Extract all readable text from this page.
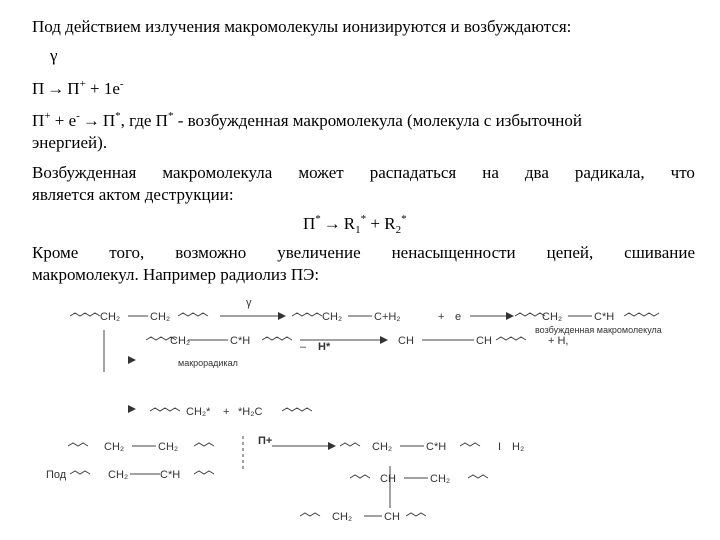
Под действием излучения макромолекулы ионизируются и возбуждаются:
γ
П → П+ + 1e-
П+ + e- → П*, где П* - возбужденная макромолекула (молекула с избыточной
энергией).
Возбужденная макромолекула может распадаться на два радикала, что
является актом деструкции:
$П^* \to R_1^* + R_2^*$
Кроме того, возможно увеличение ненасыщенности цепей, сшивание
макромолекул. Например радиолиз ПЭ:
CH₂	CH₂
γ
CH₂	C+H₂	+ e	CH₂	C*H
возбужденная макромолекула
CH₂	C*H	– H*	CH	CH	+ H,
макрорадикал
CH₂* + *H₂C
CH₂	CH₂	П+	CH₂	C*H	I H₂
Под	CH₂	C*H	CH	CH₂
CH₂	CH
